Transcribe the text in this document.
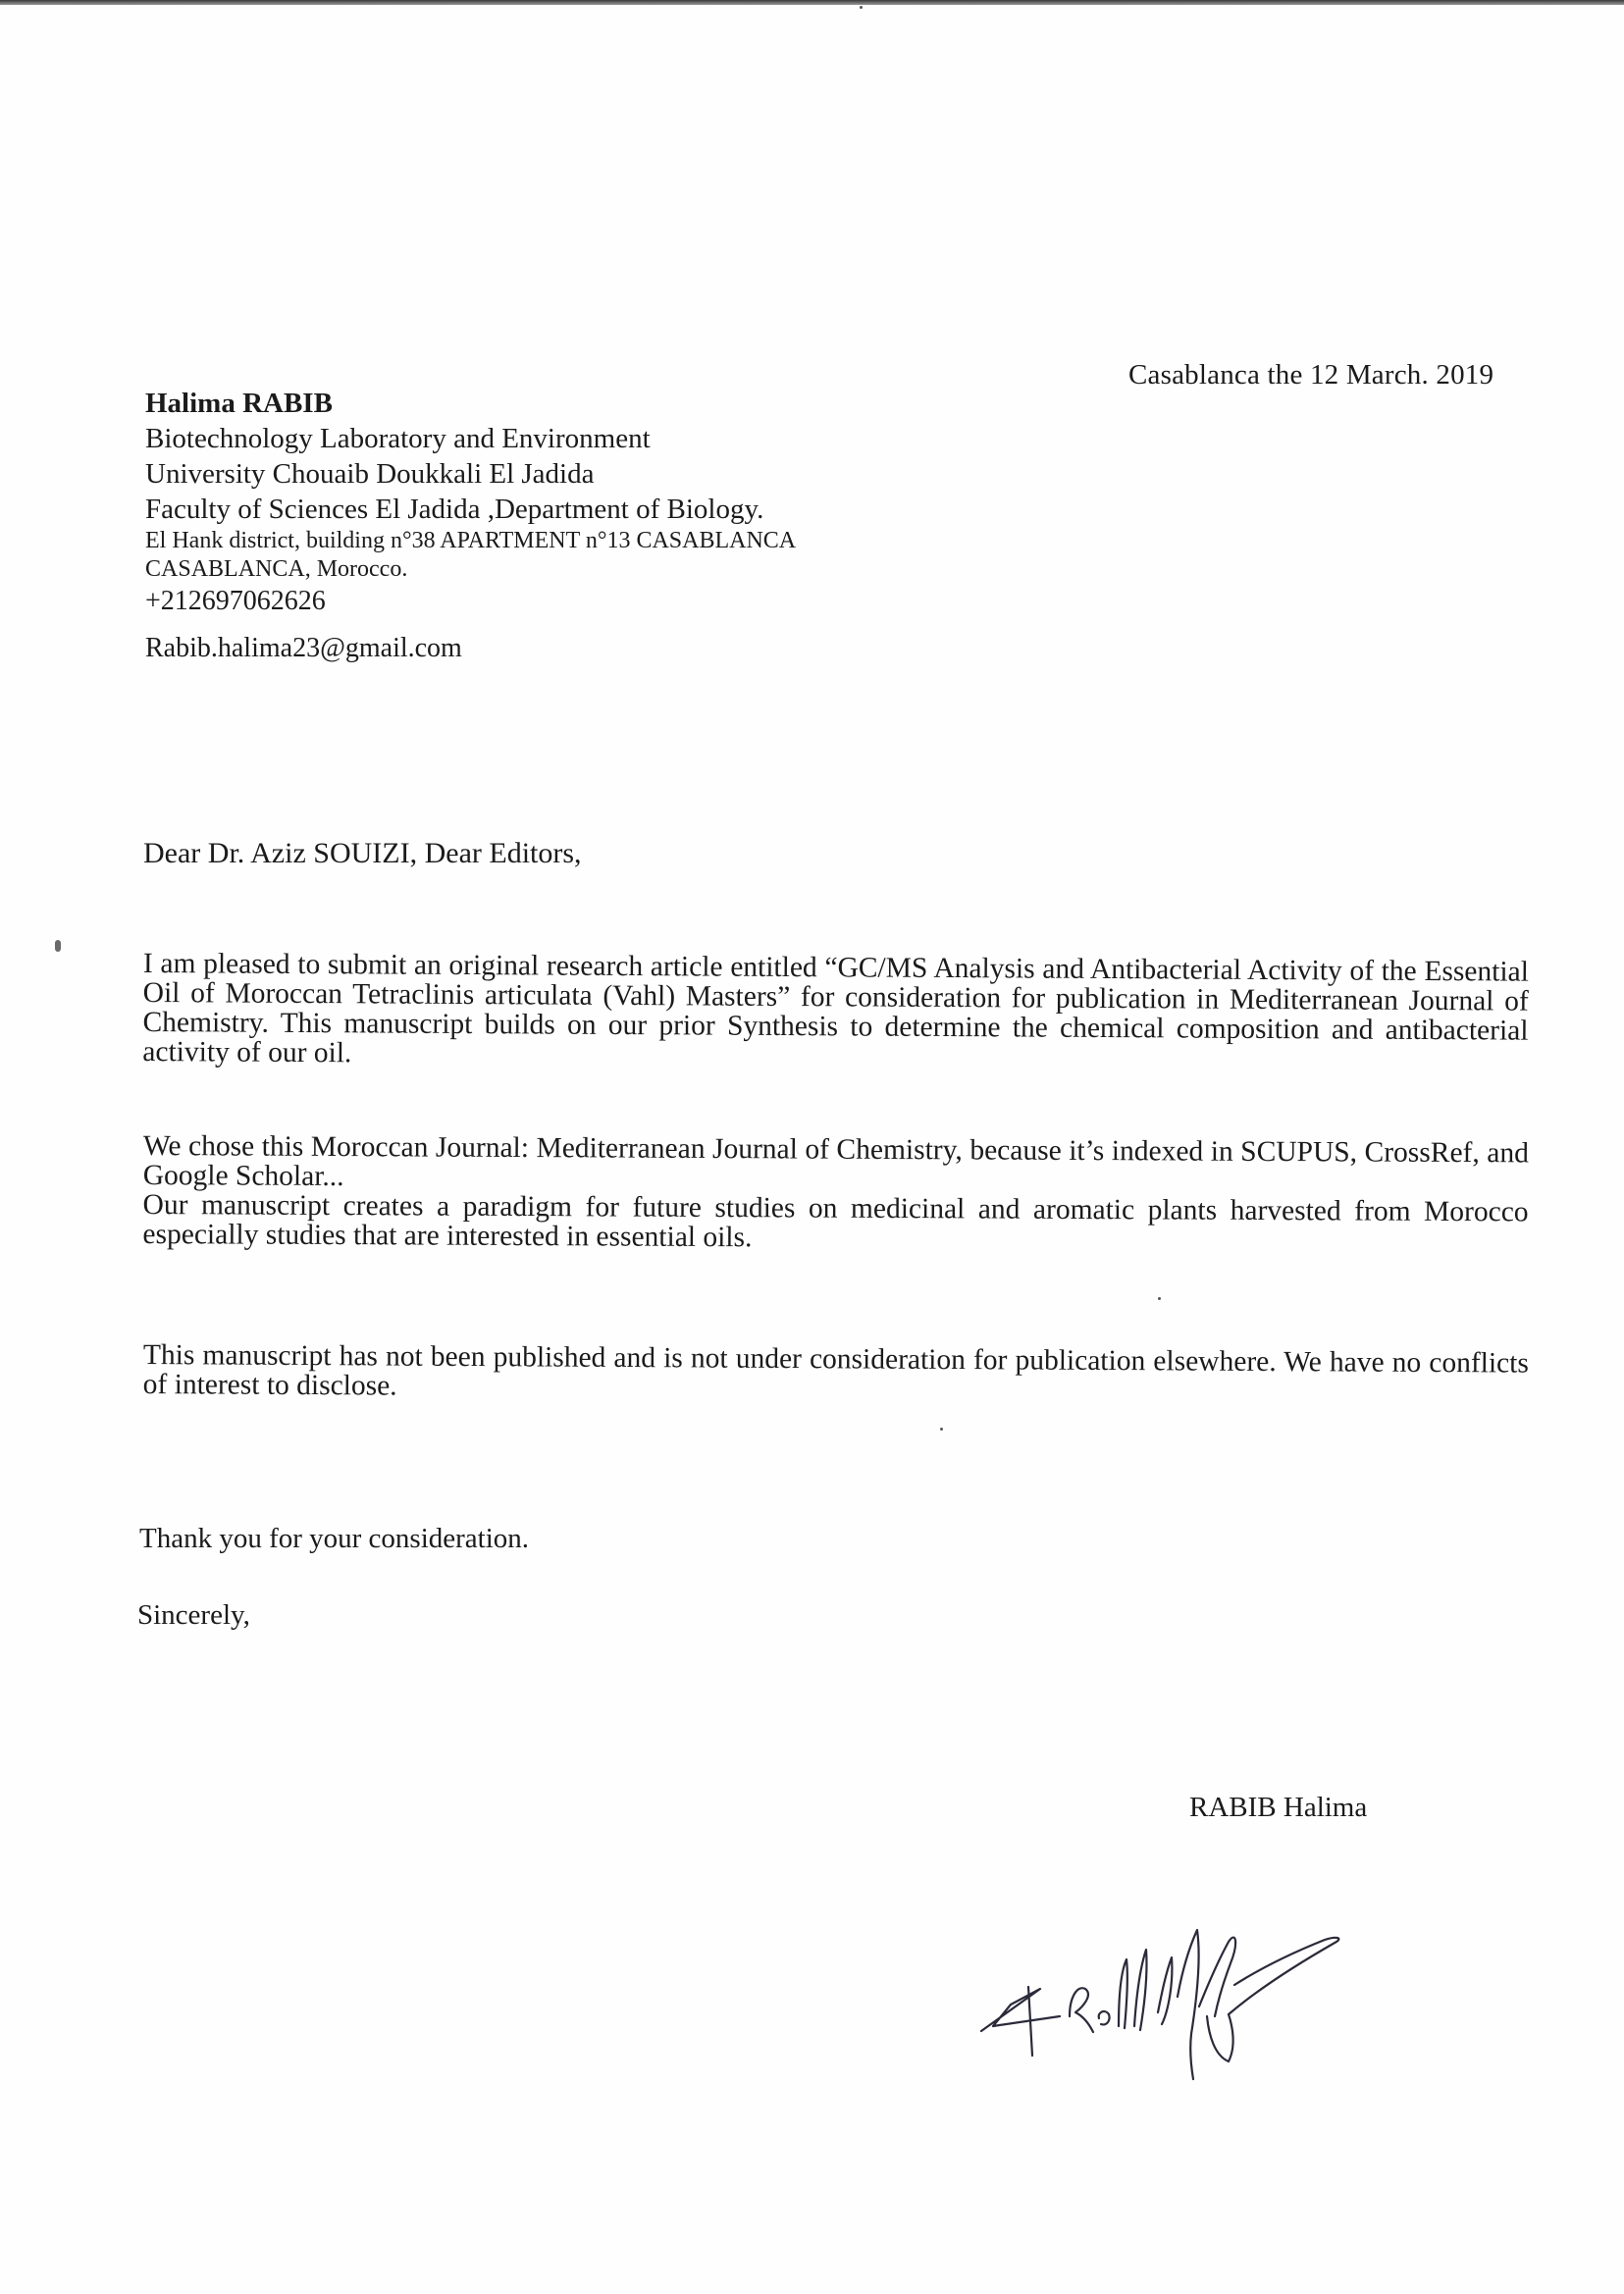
Casablanca the 12 March. 2019
Halima RABIB
Biotechnology Laboratory and Environment
University Chouaib Doukkali El Jadida
Faculty of Sciences El Jadida ,Department of Biology.
El Hank district, building n°38 APARTMENT n°13 CASABLANCA
CASABLANCA, Morocco.
+212697062626
Rabib.halima23@gmail.com
Dear Dr. Aziz SOUIZI, Dear Editors,
I am pleased to submit an original research article entitled “GC/MS Analysis and Antibacterial Activity of the Essential Oil of Moroccan Tetraclinis articulata (Vahl) Masters” for consideration for publication in Mediterranean Journal of Chemistry. This manuscript builds on our prior Synthesis to determine the chemical composition and antibacterial activity of our oil.
We chose this Moroccan Journal: Mediterranean Journal of Chemistry, because it’s indexed in SCUPUS, CrossRef, and Google Scholar...
Our manuscript creates a paradigm for future studies on medicinal and aromatic plants harvested from Morocco especially studies that are interested in essential oils.
This manuscript has not been published and is not under consideration for publication elsewhere. We have no conflicts of interest to disclose.
Thank you for your consideration.
Sincerely,
RABIB Halima
